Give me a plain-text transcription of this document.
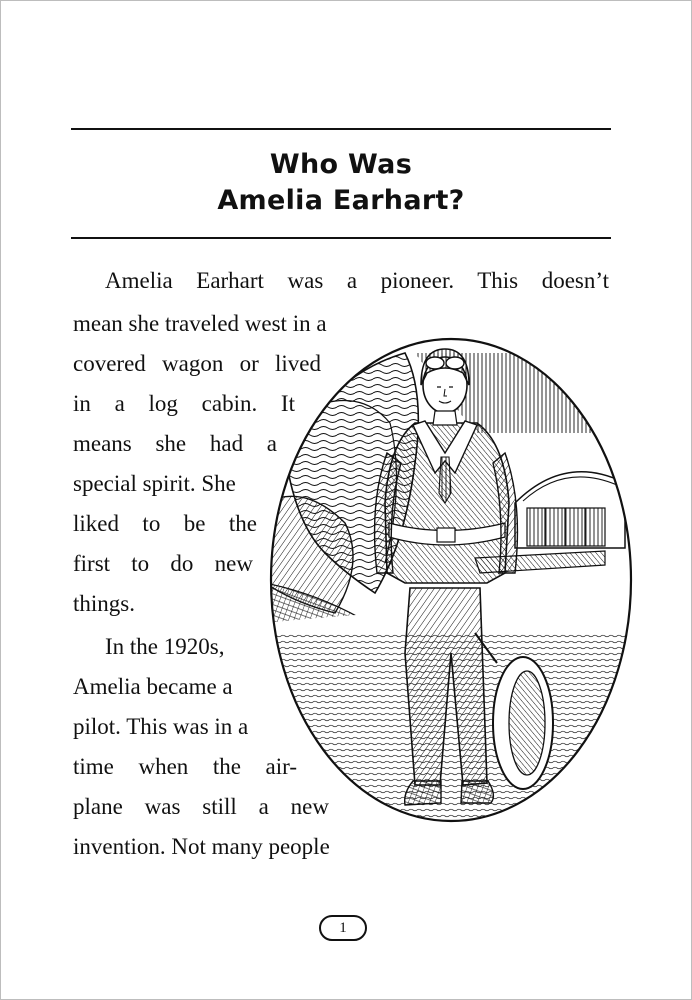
Who Was
Amelia Earhart?
Amelia Earhart was a pioneer. This doesn’t
mean she traveled west in a
covered wagon or lived
in a log cabin. It
means she had a
special spirit. She
liked to be the
first to do new
things.
In the 1920s,
Amelia became a
pilot. This was in a
time when the air-
plane was still a new
invention. Not many people
1
